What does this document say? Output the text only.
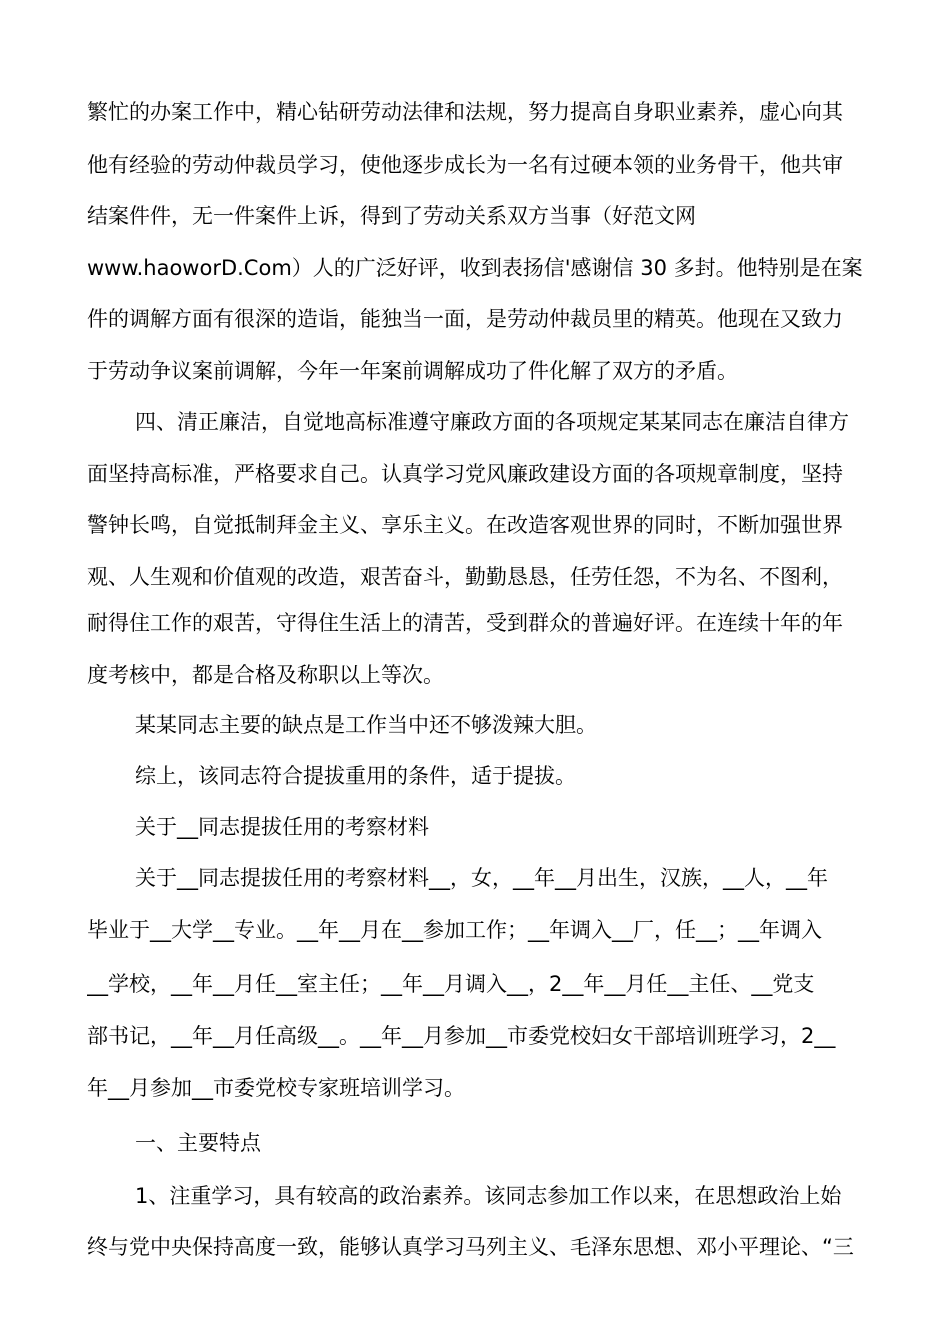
繁忙的办案工作中，精心钻研劳动法律和法规，努力提高自身职业素养，虚心向其
他有经验的劳动仲裁员学习，使他逐步成长为一名有过硬本领的业务骨干，他共审
结案件件，无一件案件上诉，得到了劳动关系双方当事（好范文网
www.haoworD.Com）人的广泛好评，收到表扬信'感谢信 30 多封。他特别是在案
件的调解方面有很深的造诣，能独当一面，是劳动仲裁员里的精英。他现在又致力
于劳动争议案前调解，今年一年案前调解成功了件化解了双方的矛盾。
四、清正廉洁，自觉地高标准遵守廉政方面的各项规定某某同志在廉洁自律方
面坚持高标准，严格要求自己。认真学习党风廉政建设方面的各项规章制度，坚持
警钟长鸣，自觉抵制拜金主义、享乐主义。在改造客观世界的同时，不断加强世界
观、人生观和价值观的改造，艰苦奋斗，勤勤恳恳，任劳任怨，不为名、不图利，
耐得住工作的艰苦，守得住生活上的清苦，受到群众的普遍好评。在连续十年的年
度考核中，都是合格及称职以上等次。
某某同志主要的缺点是工作当中还不够泼辣大胆。
综上，该同志符合提拔重用的条件，适于提拔。
关于__同志提拔任用的考察材料
关于__同志提拔任用的考察材料__，女，__年__月出生，汉族，__人，__年
毕业于__大学__专业。__年__月在__参加工作；__年调入__厂，任__；__年调入
__学校，__年__月任__室主任；__年__月调入__，2__年__月任__主任、__党支
部书记，__年__月任高级__。__年__月参加__市委党校妇女干部培训班学习，2__
年__月参加__市委党校专家班培训学习。
一、主要特点
1、注重学习，具有较高的政治素养。该同志参加工作以来，在思想政治上始
终与党中央保持高度一致，能够认真学习马列主义、毛泽东思想、邓小平理论、“三
